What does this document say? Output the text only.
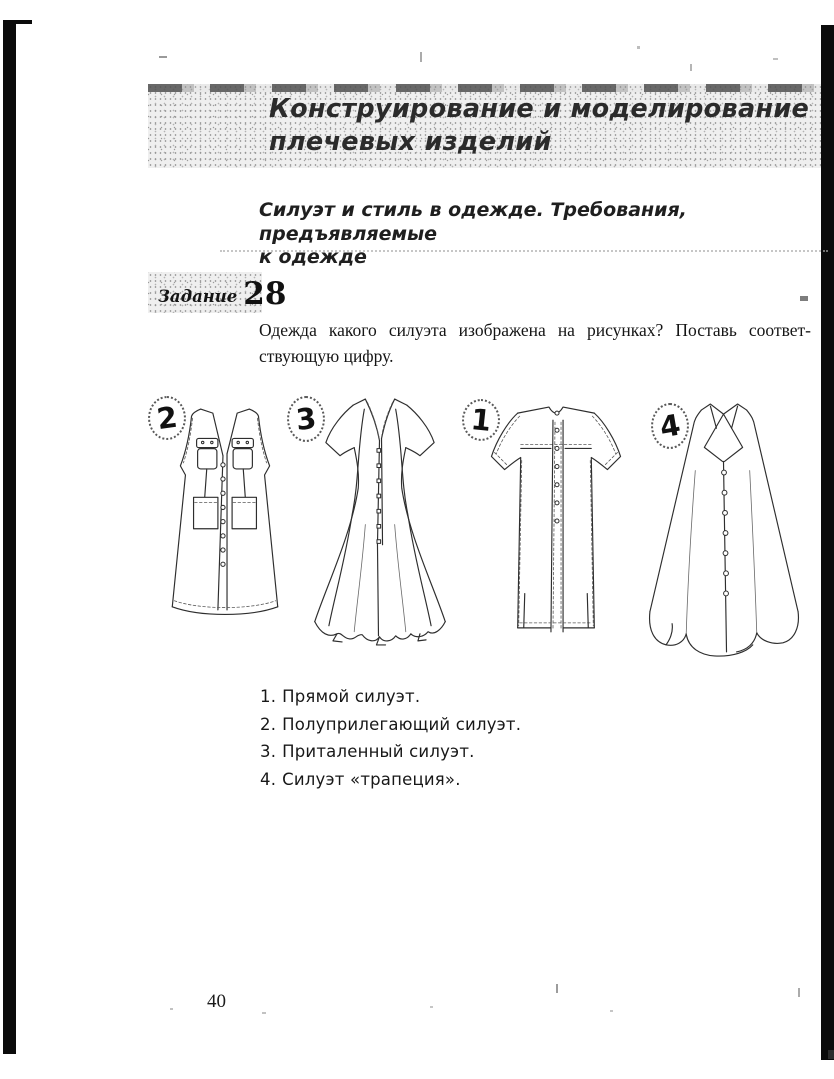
Конструирование и моделирование
плечевых изделий
Силуэт и стиль в одежде. Требования, предъявляемые
к одежде
Задание 28
Одежда какого силуэта изображена на рисунках? Поставь соответ-
ствующую цифру.
2	3	1	4
1. Прямой силуэт.
2. Полуприлегающий силуэт.
3. Приталенный силуэт.
4. Силуэт «трапеция».
40
